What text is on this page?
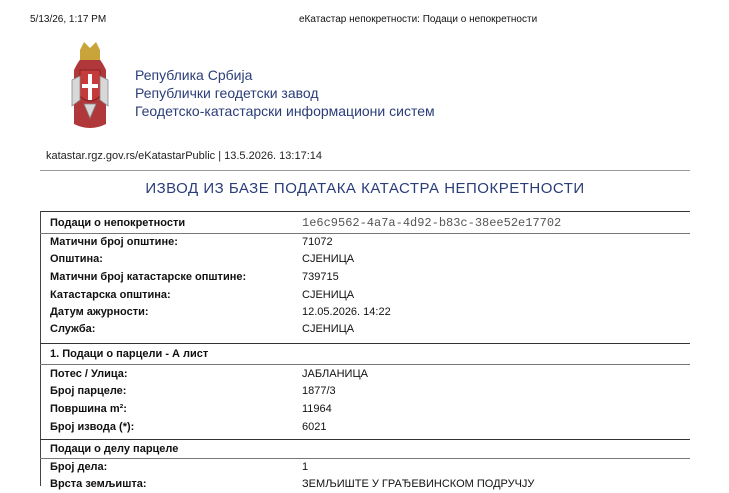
5/13/26, 1:17 PM	еКатастар непокретности: Подаци о непокретности
Република Србија
Републички геодетски завод
Геодетско-катастарски информациони систем
katastar.rgz.gov.rs/eKatastarPublic | 13.5.2026. 13:17:14
ИЗВОД ИЗ БАЗЕ ПОДАТАКА КАТАСТРА НЕПОКРЕТНОСТИ
Подаци о непокретности	1e6c9562-4a7a-4d92-b83c-38ee52e17702
Матични број општине:	71072
Општина:	СЈЕНИЦА
Матични број катастарске општине:	739715
Катастарска општина:	СЈЕНИЦА
Датум ажурности:	12.05.2026. 14:22
Служба:	СЈЕНИЦА
1. Подаци о парцели - А лист
Потес / Улица:	ЈАБЛАНИЦА
Број парцеле:	1877/3
Површина m²:	11964
Број извода (*):	6021
Подаци о делу парцеле
Број дела:	1
Врста земљишта:	ЗЕМЉИШТЕ У ГРАЂЕВИНСКОМ ПОДРУЧЈУ
